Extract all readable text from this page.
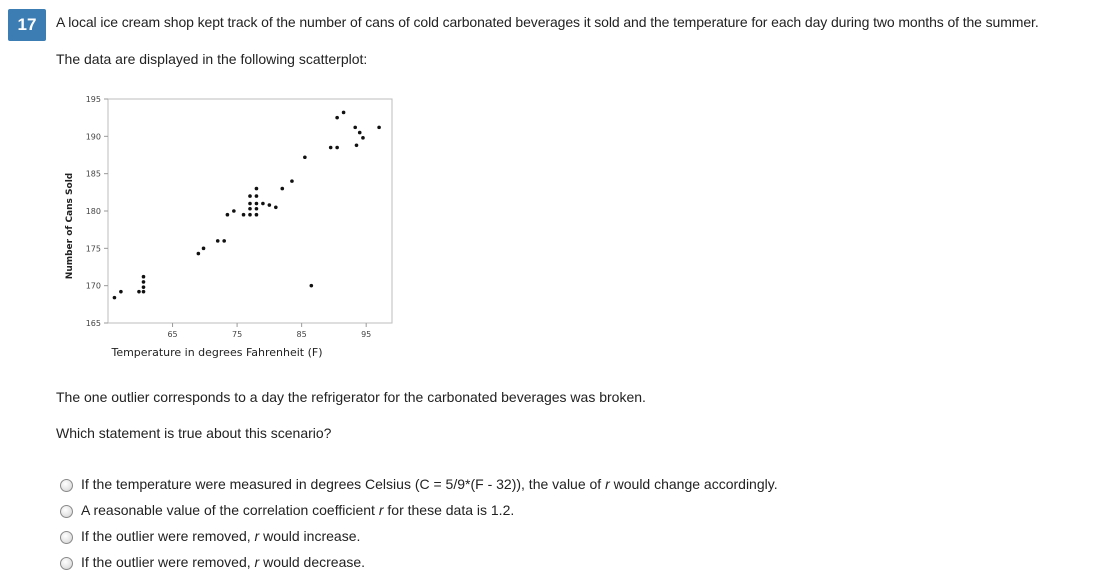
17	A local ice cream shop kept track of the number of cans of cold carbonated beverages it sold and the temperature for each day during two months of the summer.
The data are displayed in the following scatterplot:
165
170
175
180
185
190
195
65	75	85	95
Temperature in degrees Fahrenheit (F)
Number of Cans Sold
The one outlier corresponds to a day the refrigerator for the carbonated beverages was broken.
Which statement is true about this scenario?
If the temperature were measured in degrees Celsius (C = 5/9*(F - 32)), the value of r would change accordingly.
A reasonable value of the correlation coefficient r for these data is 1.2.
If the outlier were removed, r would increase.
If the outlier were removed, r would decrease.
